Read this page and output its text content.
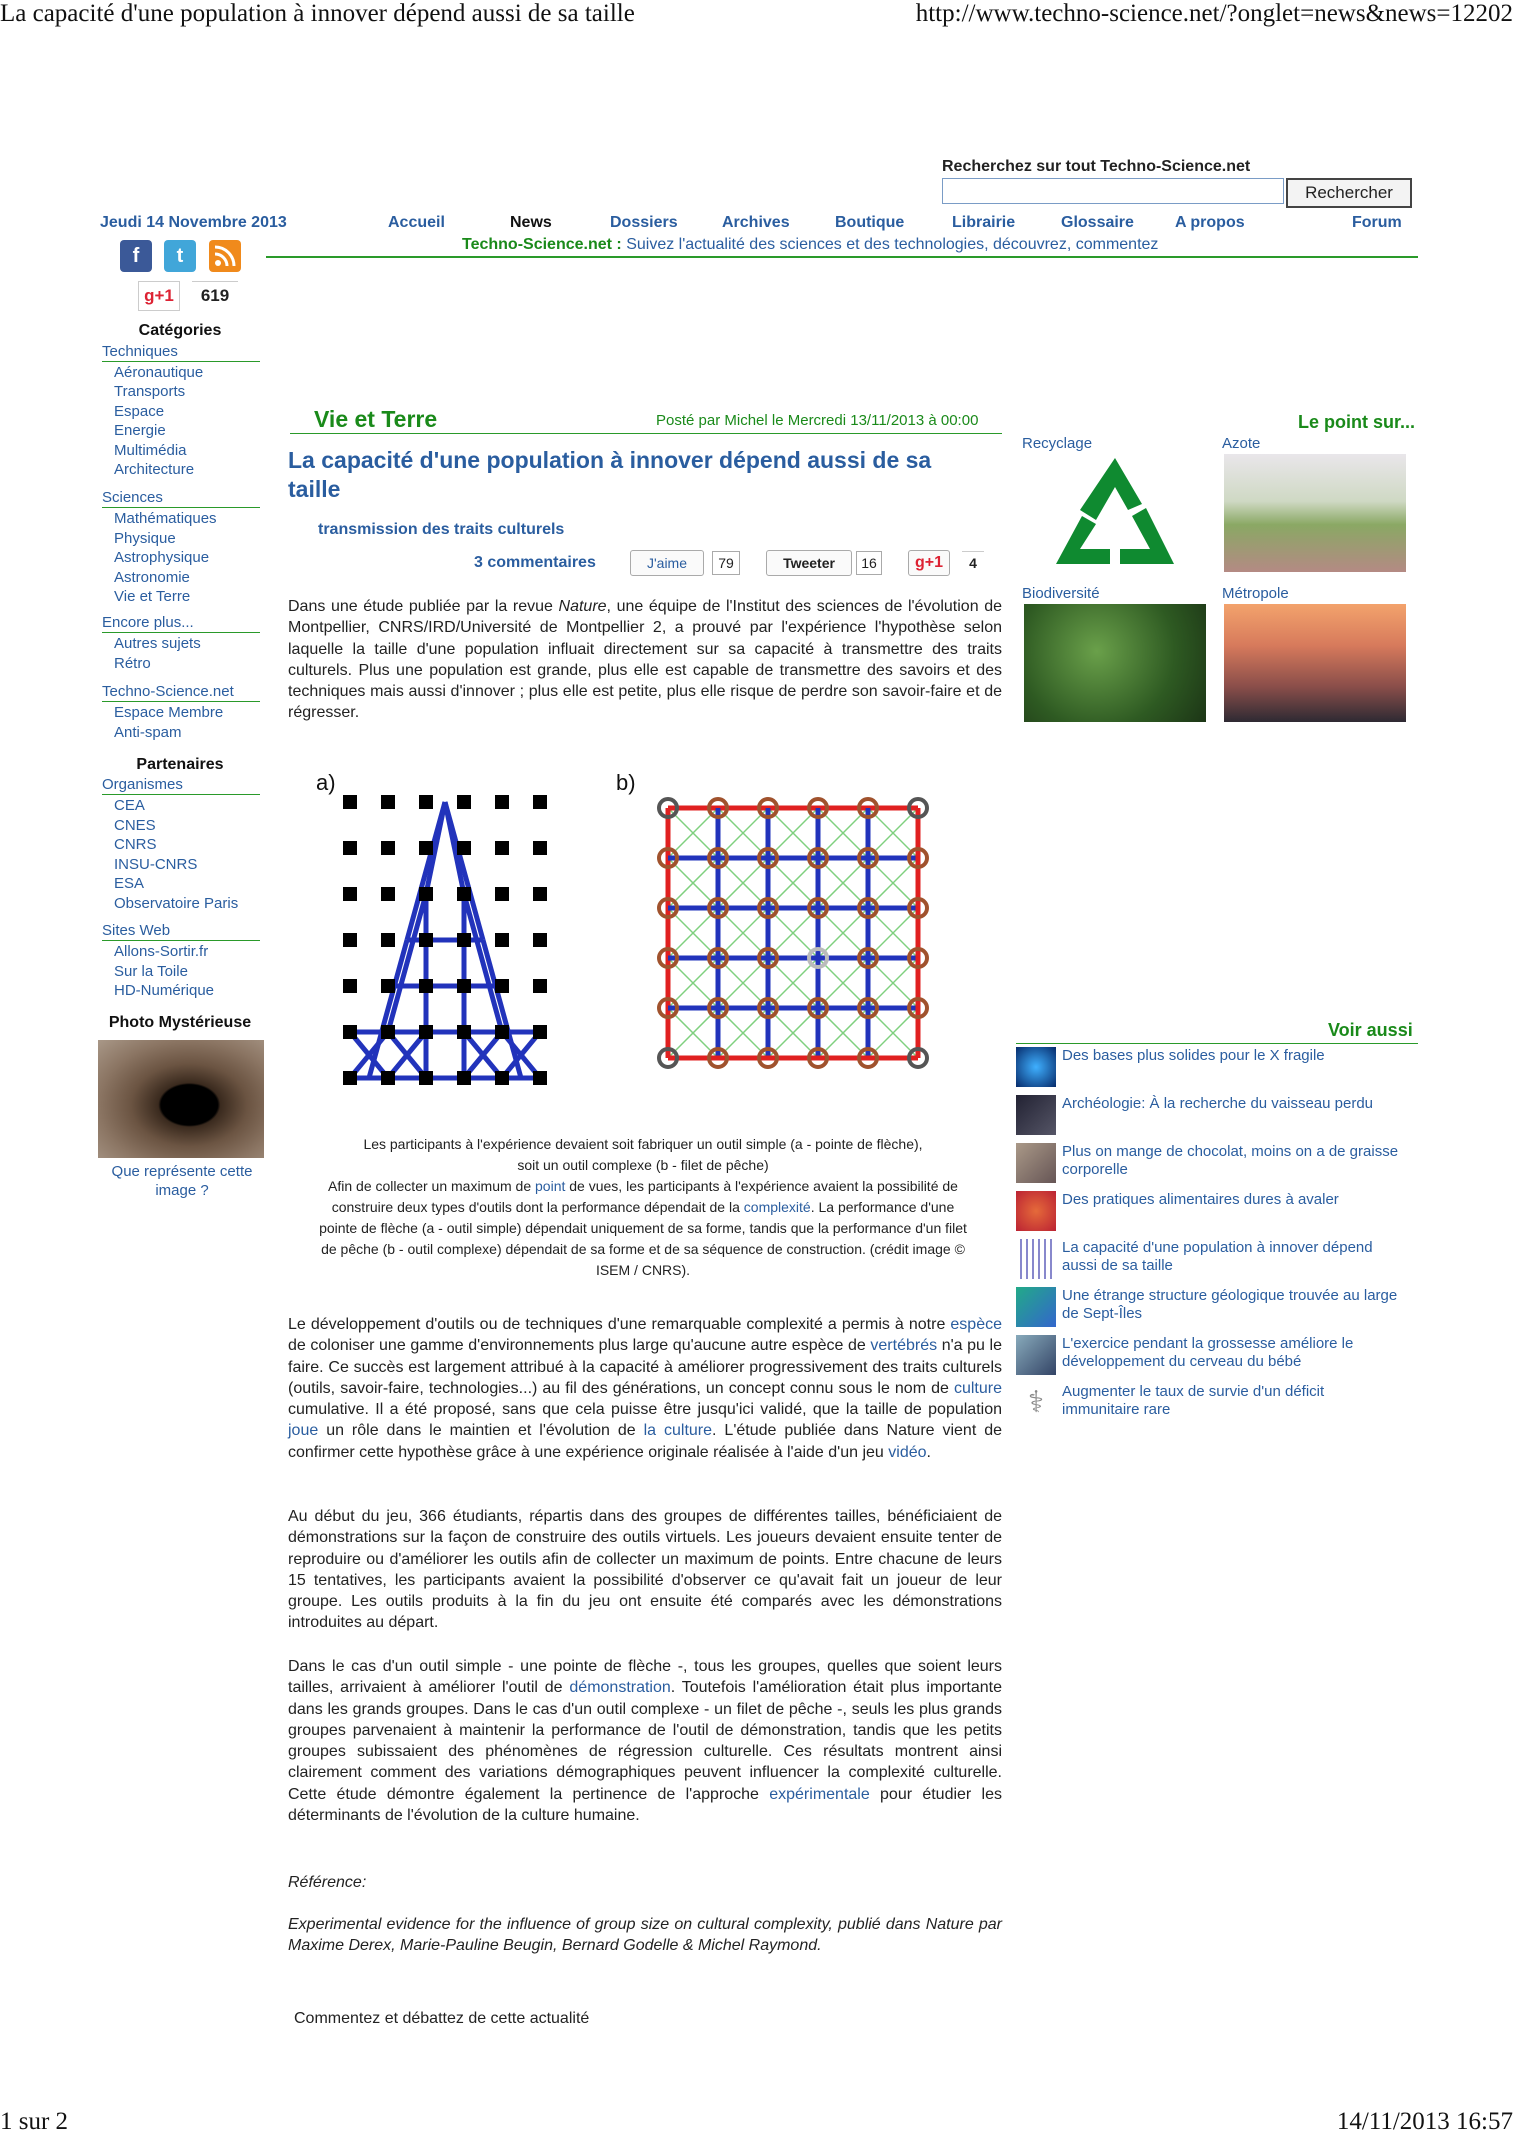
La capacité d'une population à innover dépend aussi de sa taille	http://www.techno-science.net/?onglet=news&news=12202
1 sur 2	14/11/2013 16:57
Recherchez sur tout Techno-Science.net
Rechercher
Jeudi 14 Novembre 2013	Accueil	News	Dossiers	Archives	Boutique	Librairie	Glossaire	A propos	Forum
Techno-Science.net : Suivez l'actualité des sciences et des technologies, découvrez, commentez
f	t
g+1	619
Catégories
Techniques
Aéronautique
Transports
Espace
Energie
Multimédia
Architecture
Sciences
Mathématiques
Physique
Astrophysique
Astronomie
Vie et Terre
Encore plus...
Autres sujets
Rétro
Techno-Science.net
Espace Membre
Anti-spam
Partenaires
Organismes
CEA
CNES
CNRS
INSU-CNRS
ESA
Observatoire Paris
Sites Web
Allons-Sortir.fr
Sur la Toile
HD-Numérique
Photo Mystérieuse
Que représente cette image ?
Vie et Terre	Posté par Michel le Mercredi 13/11/2013 à 00:00
La capacité d'une population à innover dépend aussi de sa taille
transmission des traits culturels
3 commentaires	J'aime	79	Tweeter	16	g+1	4
Dans une étude publiée par la revue Nature, une équipe de l'Institut des sciences de l'évolution de Montpellier, CNRS/IRD/Université de Montpellier 2, a prouvé par l'expérience l'hypothèse selon laquelle la taille d'une population influait directement sur sa capacité à transmettre des traits culturels. Plus une population est grande, plus elle est capable de transmettre des savoirs et des techniques mais aussi d'innover ; plus elle est petite, plus elle risque de perdre son savoir-faire et de régresser.
a)	b)
Les participants à l'expérience devaient soit fabriquer un outil simple (a - pointe de flèche),
soit un outil complexe (b - filet de pêche)
Afin de collecter un maximum de point de vues, les participants à l'expérience avaient la possibilité de
construire deux types d'outils dont la performance dépendait de la complexité. La performance d'une
pointe de flèche (a - outil simple) dépendait uniquement de sa forme, tandis que la performance d'un filet
de pêche (b - outil complexe) dépendait de sa forme et de sa séquence de construction. (crédit image ©
ISEM / CNRS).
Le développement d'outils ou de techniques d'une remarquable complexité a permis à notre espèce de coloniser une gamme d'environnements plus large qu'aucune autre espèce de vertébrés n'a pu le faire. Ce succès est largement attribué à la capacité à améliorer progressivement des traits culturels (outils, savoir-faire, technologies...) au fil des générations, un concept connu sous le nom de culture cumulative. Il a été proposé, sans que cela puisse être jusqu'ici validé, que la taille de population joue un rôle dans le maintien et l'évolution de la culture. L'étude publiée dans Nature vient de confirmer cette hypothèse grâce à une expérience originale réalisée à l'aide d'un jeu vidéo.
Au début du jeu, 366 étudiants, répartis dans des groupes de différentes tailles, bénéficiaient de démonstrations sur la façon de construire des outils virtuels. Les joueurs devaient ensuite tenter de reproduire ou d'améliorer les outils afin de collecter un maximum de points. Entre chacune de leurs 15 tentatives, les participants avaient la possibilité d'observer ce qu'avait fait un joueur de leur groupe. Les outils produits à la fin du jeu ont ensuite été comparés avec les démonstrations introduites au départ.
Dans le cas d'un outil simple - une pointe de flèche -, tous les groupes, quelles que soient leurs tailles, arrivaient à améliorer l'outil de démonstration. Toutefois l'amélioration était plus importante dans les grands groupes. Dans le cas d'un outil complexe - un filet de pêche -, seuls les plus grands groupes parvenaient à maintenir la performance de l'outil de démonstration, tandis que les petits groupes subissaient des phénomènes de régression culturelle. Ces résultats montrent ainsi clairement comment des variations démographiques peuvent influencer la complexité culturelle. Cette étude démontre également la pertinence de l'approche expérimentale pour étudier les déterminants de l'évolution de la culture humaine.
Référence:
Experimental evidence for the influence of group size on cultural complexity, publié dans Nature par Maxime Derex, Marie-Pauline Beugin, Bernard Godelle & Michel Raymond.
Commentez et débattez de cette actualité
Le point sur...
Recyclage	Azote
Biodiversité	Métropole
Voir aussi
Des bases plus solides pour le X fragile
Archéologie: À la recherche du vaisseau perdu
Plus on mange de chocolat, moins on a de graisse corporelle
Des pratiques alimentaires dures à avaler
La capacité d'une population à innover dépend aussi de sa taille
Une étrange structure géologique trouvée au large de Sept-Îles
L'exercice pendant la grossesse améliore le développement du cerveau du bébé
⚕	Augmenter le taux de survie d'un déficit immunitaire rare
